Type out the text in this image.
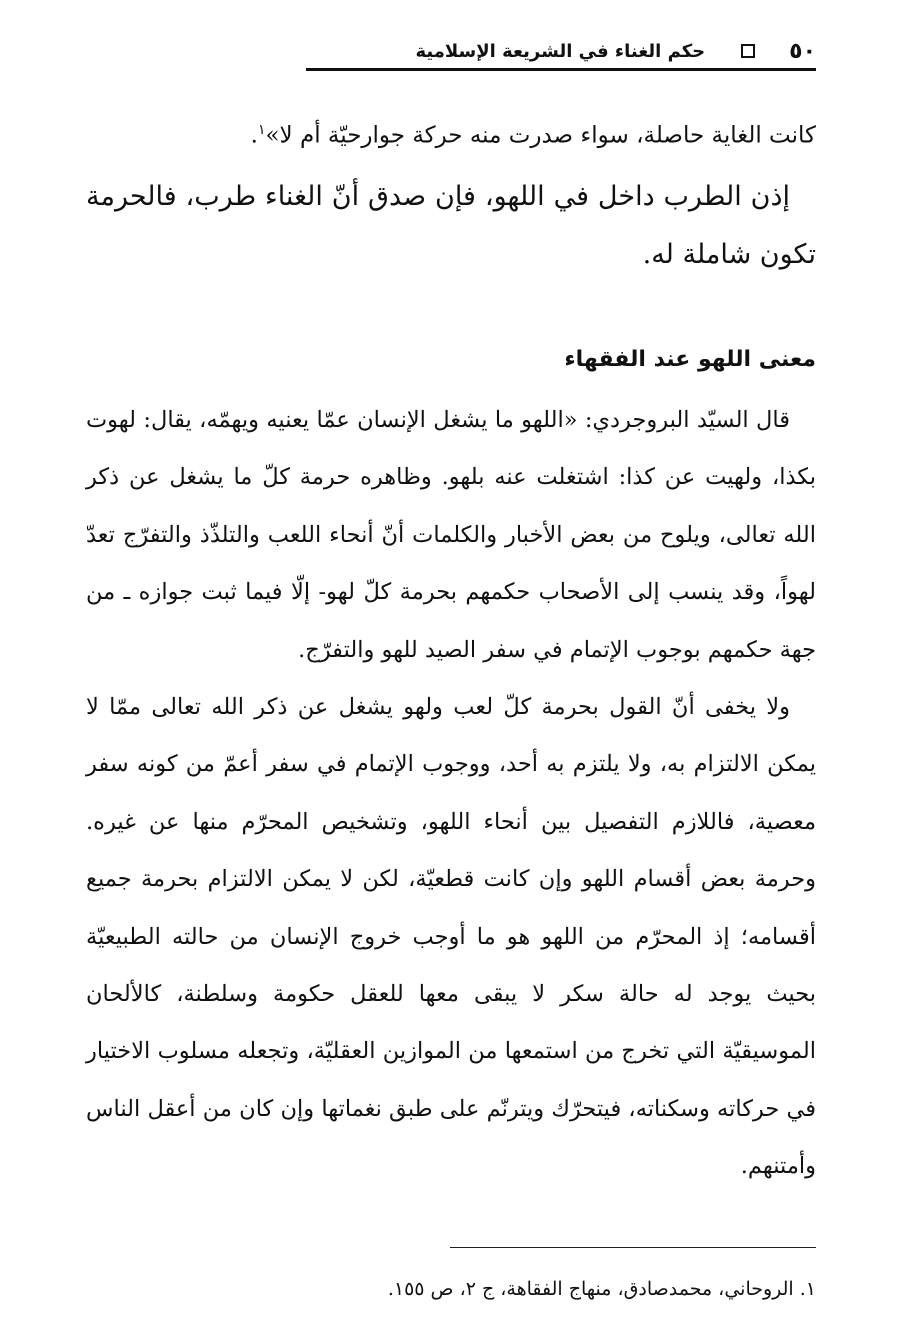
٥٠
حكم الغناء في الشريعة الإسلامية

كانت الغاية حاصلة، سواء صدرت منه حركة جوارحيّة أم لا»$^١$.

إذن الطرب داخل في اللهو، فإن صدق أنّ الغناء طرب، فالحرمة تكون شاملة له.

معنى اللهو عند الفقهاء

قال السيّد البروجردي: «اللهو ما يشغل الإنسان عمّا يعنيه ويهمّه، يقال: لهوت بكذا، ولهيت عن كذا: اشتغلت عنه بلهو. وظاهره حرمة كلّ ما يشغل عن ذكر الله تعالى، ويلوح من بعض الأخبار والكلمات أنّ أنحاء اللعب والتلذّذ والتفرّج تعدّ لهواً، وقد ينسب إلى الأصحاب حكمهم بحرمة كلّ لهو- إلّا فيما ثبت جوازه ـ من جهة حكمهم بوجوب الإتمام في سفر الصيد للهو والتفرّج.

ولا يخفى أنّ القول بحرمة كلّ لعب ولهو يشغل عن ذكر الله تعالى ممّا لا يمكن الالتزام به، ولا يلتزم به أحد، ووجوب الإتمام في سفر أعمّ من كونه سفر معصية، فاللازم التفصيل بين أنحاء اللهو، وتشخيص المحرّم منها عن غيره. وحرمة بعض أقسام اللهو وإن كانت قطعيّة، لكن لا يمكن الالتزام بحرمة جميع أقسامه؛ إذ المحرّم من اللهو هو ما أوجب خروج الإنسان من حالته الطبيعيّة بحيث يوجد له حالة سكر لا يبقى معها للعقل حكومة وسلطنة، كالألحان الموسيقيّة التي تخرج من استمعها من الموازين العقليّة، وتجعله مسلوب الاختيار في حركاته وسكناته، فيتحرّك ويترنّم على طبق نغماتها وإن كان من أعقل الناس وأمتنهم.

١. الروحاني، محمدصادق، منهاج الفقاهة، ج ٢، ص ١٥٥.
